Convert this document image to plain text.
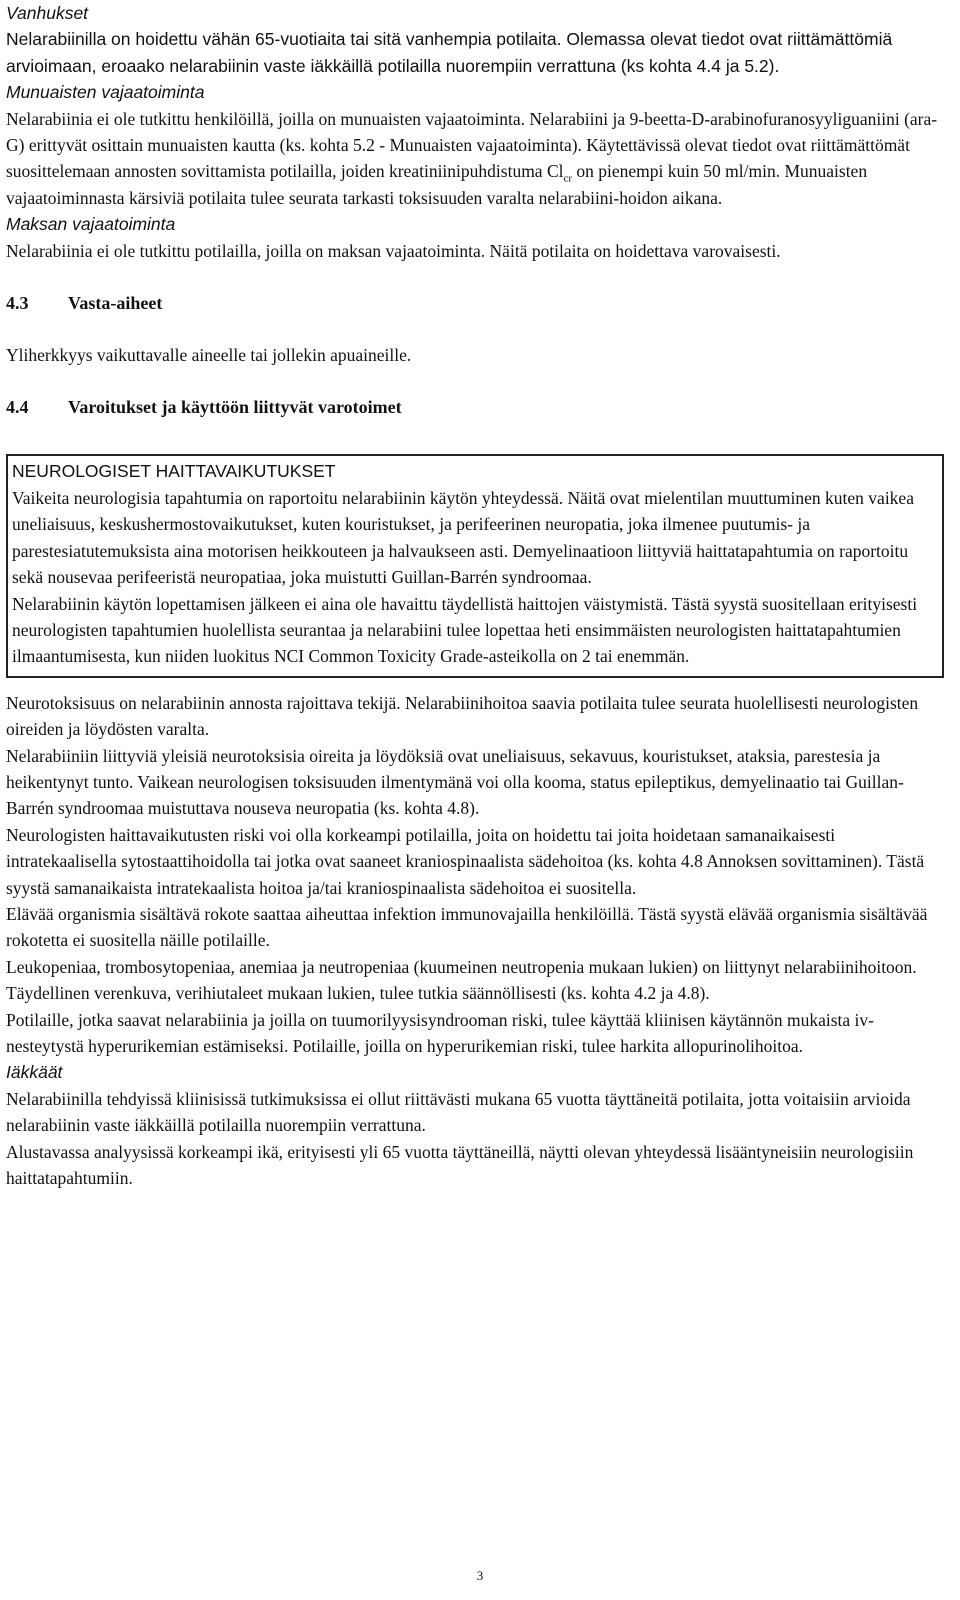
Vanhukset

Nelarabiinilla on hoidettu vähän 65-vuotiaita tai sitä vanhempia potilaita. Olemassa olevat tiedot ovat riittämättömiä arvioimaan, eroaako nelarabiinin vaste iäkkäillä potilailla nuorempiin verrattuna (ks kohta 4.4 ja 5.2).

Munuaisten vajaatoiminta

Nelarabiinia ei ole tutkittu henkilöillä, joilla on munuaisten vajaatoiminta. Nelarabiini ja 9-beetta-D-arabinofuranosyyliguaniini (ara-G) erittyvät osittain munuaisten kautta (ks. kohta 5.2 - Munuaisten vajaatoiminta). Käytettävissä olevat tiedot ovat riittämättömät suosittelemaan annosten sovittamista potilailla, joiden kreatiniinipuhdistuma $Cl_{cr}$ on pienempi kuin 50 ml/min. Munuaisten vajaatoiminnasta kärsiviä potilaita tulee seurata tarkasti toksisuuden varalta nelarabiini-hoidon aikana.

Maksan vajaatoiminta

Nelarabiinia ei ole tutkittu potilailla, joilla on maksan vajaatoiminta. Näitä potilaita on hoidettava varovaisesti.

4.3 Vasta-aiheet

Yliherkkyys vaikuttavalle aineelle tai jollekin apuaineille.

4.4 Varoitukset ja käyttöön liittyvät varotoimet

NEUROLOGISET HAITTAVAIKUTUKSET

Vaikeita neurologisia tapahtumia on raportoitu nelarabiinin käytön yhteydessä. Näitä ovat mielentilan muuttuminen kuten vaikea uneliaisuus, keskushermostovaikutukset, kuten kouristukset, ja perifeerinen neuropatia, joka ilmenee puutumis- ja parestesiatutemuksista aina motorisen heikkouteen ja halvaukseen asti. Demyelinaatioon liittyviä haittatapahtumia on raportoitu sekä nousevaa perifeeristä neuropatiaa, joka muistutti Guillan-Barrén syndroomaa.

Nelarabiinin käytön lopettamisen jälkeen ei aina ole havaittu täydellistä haittojen väistymistä. Tästä syystä suositellaan erityisesti neurologisten tapahtumien huolellista seurantaa ja nelarabiini tulee lopettaa heti ensimmäisten neurologisten haittatapahtumien ilmaantumisesta, kun niiden luokitus NCI Common Toxicity Grade-asteikolla on 2 tai enemmän.

Neurotoksisuus on nelarabiinin annosta rajoittava tekijä. Nelarabiinihoitoa saavia potilaita tulee seurata huolellisesti neurologisten oireiden ja löydösten varalta.

Nelarabiiniin liittyviä yleisiä neurotoksisia oireita ja löydöksiä ovat uneliaisuus, sekavuus, kouristukset, ataksia, parestesia ja heikentynyt tunto. Vaikean neurologisen toksisuuden ilmentymänä voi olla kooma, status epileptikus, demyelinaatio tai Guillan-Barrén syndroomaa muistuttava nouseva neuropatia (ks. kohta 4.8).

Neurologisten haittavaikutusten riski voi olla korkeampi potilailla, joita on hoidettu tai joita hoidetaan samanaikaisesti intratekaalisella sytostaattihoidolla tai jotka ovat saaneet kraniospinaalista sädehoitoa (ks. kohta 4.8 Annoksen sovittaminen). Tästä syystä samanaikaista intratekaalista hoitoa ja/tai kraniospinaalista sädehoitoa ei suositella.

Elävää organismia sisältävä rokote saattaa aiheuttaa infektion immunovajailla henkilöillä. Tästä syystä elävää organismia sisältävää rokotetta ei suositella näille potilaille.

Leukopeniaa, trombosytopeniaa, anemiaa ja neutropeniaa (kuumeinen neutropenia mukaan lukien) on liittynyt nelarabiinihoitoon. Täydellinen verenkuva, verihiutaleet mukaan lukien, tulee tutkia säännöllisesti (ks. kohta 4.2 ja 4.8).

Potilaille, jotka saavat nelarabiinia ja joilla on tuumorilyysisyndrooman riski, tulee käyttää kliinisen käytännön mukaista iv-nesteytystä hyperurikemian estämiseksi. Potilaille, joilla on hyperurikemian riski, tulee harkita allopurinolihoitoa.

Iäkkäät

Nelarabiinilla tehdyissä kliinisissä tutkimuksissa ei ollut riittävästi mukana 65 vuotta täyttäneitä potilaita, jotta voitaisiin arvioida nelarabiinin vaste iäkkäillä potilailla nuorempiin verrattuna.

Alustavassa analyysissä korkeampi ikä, erityisesti yli 65 vuotta täyttäneillä, näytti olevan yhteydessä lisääntyneisiin neurologisiin haittatapahtumiin.

3
